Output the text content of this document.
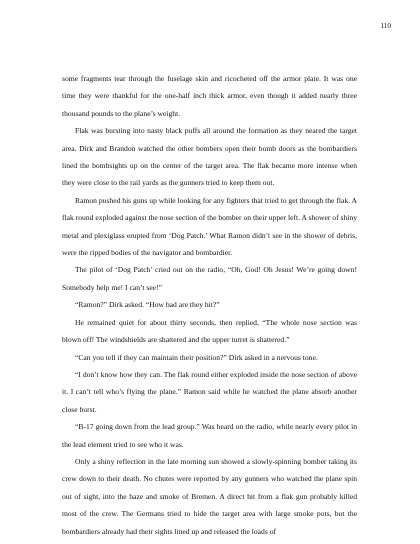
110

some fragments tear through the fuselage skin and ricocheted off the armor plate. It was one time they were thankful for the one-half inch thick armor, even though it added nearly three thousand pounds to the plane’s weight.

Flak was bursting into nasty black puffs all around the formation as they neared the target area. Dirk and Brandon watched the other bombers open their bomb doors as the bombardiers lined the bombsights up on the center of the target area. The flak became more intense when they were close to the rail yards as the gunners tried to keep them out.

Ramon pushed his guns up while looking for any fighters that tried to get through the flak. A flak round exploded against the nose section of the bomber on their upper left. A shower of shiny metal and plexiglass erupted from ‘Dog Patch.’ What Ramon didn’t see in the shower of debris, were the ripped bodies of the navigator and bombardier.

The pilot of ‘Dog Patch’ cried out on the radio, “Oh, God! Oh Jesus! We’re going down! Somebody help me! I can’t see!”

“Ramon?” Dirk asked. “How bad are they hit?”

He remained quiet for about thirty seconds, then replied, “The whole nose section was blown off! The windshields are shattered and the upper turret is shattered.”

“Can you tell if they can maintain their position?” Dirk asked in a nervous tone.

“I don’t know how they can. The flak round either exploded inside the nose section of above it. I can’t tell who’s flying the plane.” Ramon said while he watched the plane absorb another close burst.

“B-17 going down from the lead group.” Was heard on the radio, while nearly every pilot in the lead element tried to see who it was.

Only a shiny reflection in the late morning sun showed a slowly-spinning bomber taking its crew down to their death. No chutes were reported by any gunners who watched the plane spin out of sight, into the haze and smoke of Bremen. A direct hit from a flak gun probably killed most of the crew. The Germans tried to hide the target area with large smoke pots, but the bombardiers already had their sights lined up and released the loads of
